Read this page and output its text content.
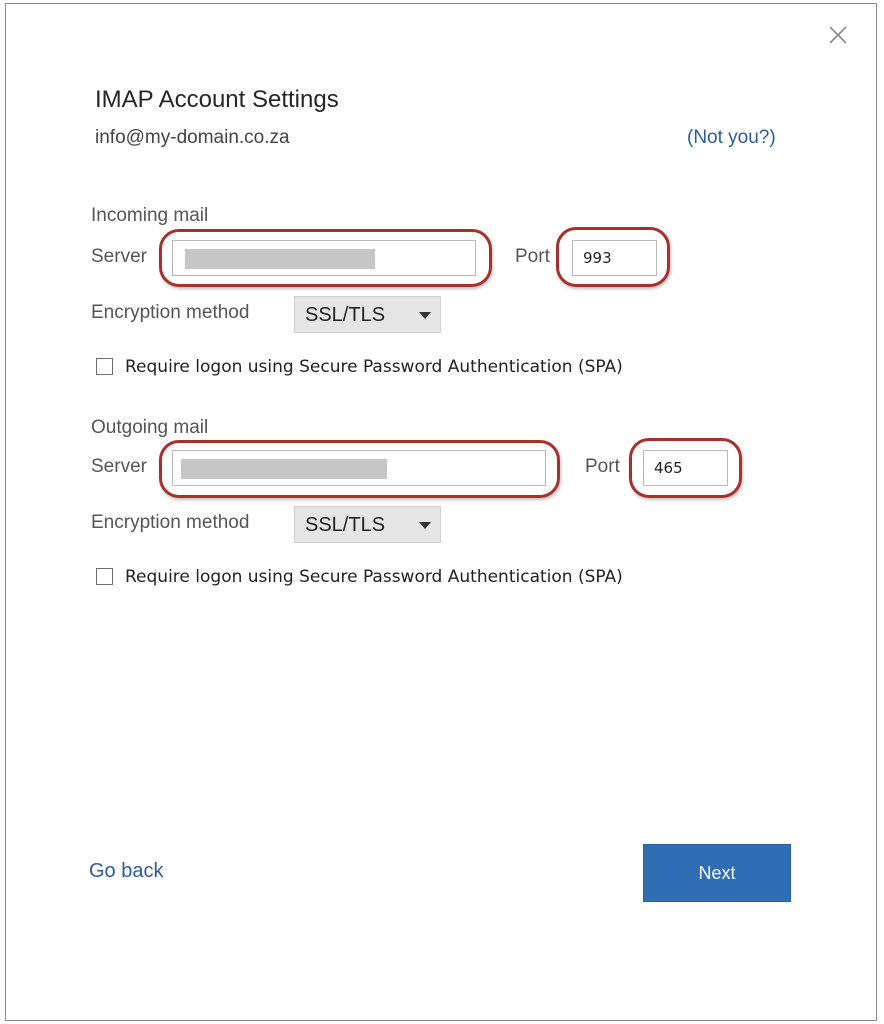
IMAP Account Settings
info@my-domain.co.za	(Not you?)
Incoming mail
Server	Port	993
Encryption method	SSL/TLS
Require logon using Secure Password Authentication (SPA)
Outgoing mail
Server	Port	465
Encryption method	SSL/TLS
Require logon using Secure Password Authentication (SPA)
Go back	Next
